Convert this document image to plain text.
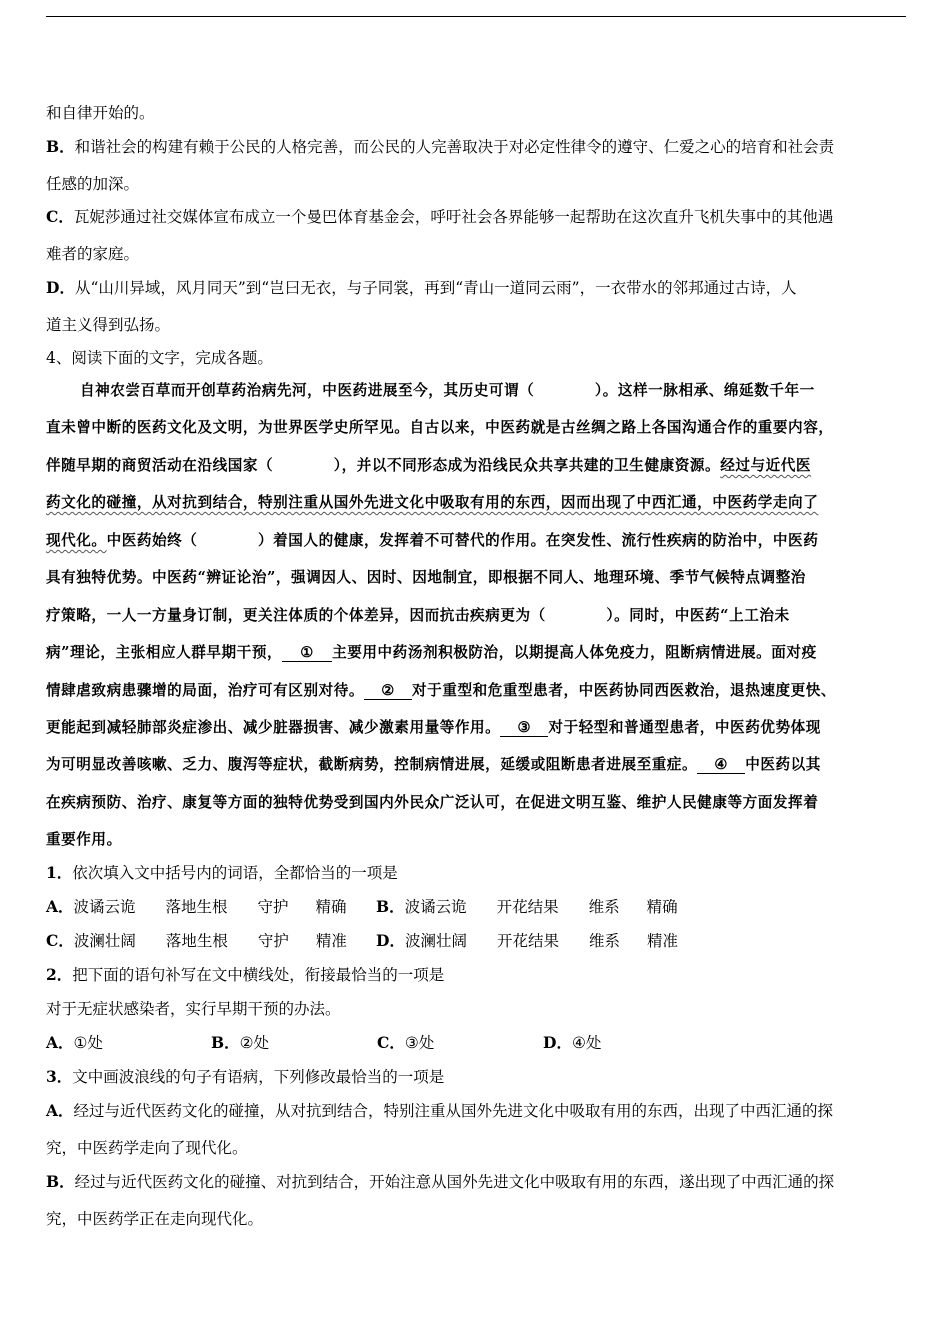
和自律开始的。
B．和谐社会的构建有赖于公民的人格完善，而公民的人完善取决于对必定性律令的遵守、仁爱之心的培育和社会责
任感的加深。
C．瓦妮莎通过社交媒体宣布成立一个曼巴体育基金会，呼吁社会各界能够一起帮助在这次直升飞机失事中的其他遇
难者的家庭。
D．从“山川异域，风月同天”到“岂曰无衣，与子同裳，再到“青山一道同云雨”，一衣带水的邻邦通过古诗，人
道主义得到弘扬。
4、阅读下面的文字，完成各题。
自神农尝百草而开创草药治病先河，中医药进展至今，其历史可谓（　　　　）。这样一脉相承、绵延数千年一
直未曾中断的医药文化及文明，为世界医学史所罕见。自古以来，中医药就是古丝绸之路上各国沟通合作的重要内容，
伴随早期的商贸活动在沿线国家（　　　　），并以不同形态成为沿线民众共享共建的卫生健康资源。经过与近代医
药文化的碰撞，从对抗到结合，特别注重从国外先进文化中吸取有用的东西，因而出现了中西汇通，中医药学走向了
现代化。中医药始终（　　　　）着国人的健康，发挥着不可替代的作用。在突发性、流行性疾病的防治中，中医药
具有独特优势。中医药“辨证论治”，强调因人、因时、因地制宜，即根据不同人、地理环境、季节气候特点调整治
疗策略，一人一方量身订制，更关注体质的个体差异，因而抗击疾病更为（　　　　）。同时，中医药“上工治未
病”理论，主张相应人群早期干预， ① 主要用中药汤剂积极防治，以期提高人体免疫力，阻断病情进展。面对疫
情肆虐致病患骤增的局面，治疗可有区别对待。 ② 对于重型和危重型患者，中医药协同西医救治，退热速度更快、
更能起到减轻肺部炎症渗出、减少脏器损害、减少激素用量等作用。 ③ 对于轻型和普通型患者，中医药优势体现
为可明显改善咳嗽、乏力、腹泻等症状，截断病势，控制病情进展，延缓或阻断患者进展至重症。 ④ 中医药以其
在疾病预防、治疗、康复等方面的独特优势受到国内外民众广泛认可，在促进文明互鉴、维护人民健康等方面发挥着
重要作用。
1．依次填入文中括号内的词语，全都恰当的一项是
A．波谲云诡 落地生根 守护 精确 B．波谲云诡 开花结果 维系 精确
C．波澜壮阔 落地生根 守护 精准 D．波澜壮阔 开花结果 维系 精准
2．把下面的语句补写在文中横线处，衔接最恰当的一项是
对于无症状感染者，实行早期干预的办法。
A．①处	B．②处	C．③处	D．④处
3．文中画波浪线的句子有语病，下列修改最恰当的一项是
A．经过与近代医药文化的碰撞，从对抗到结合，特别注重从国外先进文化中吸取有用的东西，出现了中西汇通的探
究，中医药学走向了现代化。
B．经过与近代医药文化的碰撞、对抗到结合，开始注意从国外先进文化中吸取有用的东西，遂出现了中西汇通的探
究，中医药学正在走向现代化。
